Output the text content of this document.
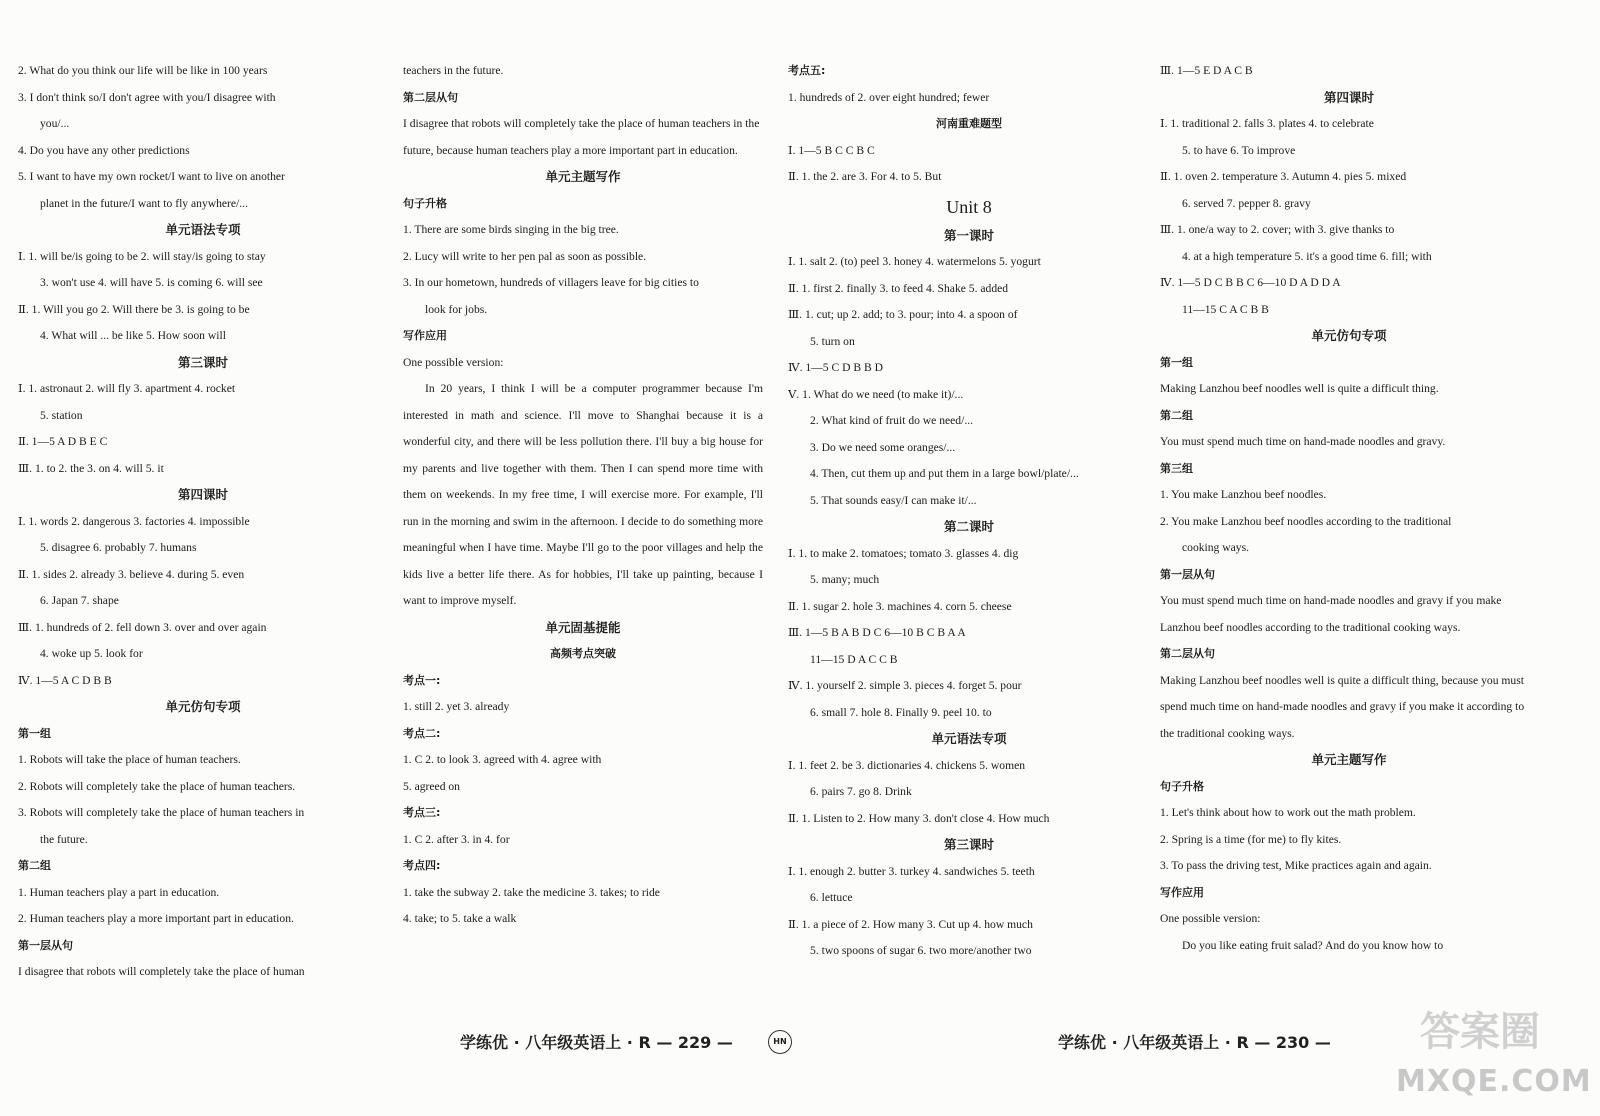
2. What do you think our life will be like in 100 years

3. I don't think so/I don't agree with you/I disagree with

you/...

4. Do you have any other predictions

5. I want to have my own rocket/I want to live on another

planet in the future/I want to fly anywhere/...

单元语法专项

Ⅰ. 1. will be/is going to be 2. will stay/is going to stay

3. won't use 4. will have 5. is coming 6. will see

Ⅱ. 1. Will you go 2. Will there be 3. is going to be

4. What will ... be like 5. How soon will

第三课时

Ⅰ. 1. astronaut 2. will fly 3. apartment 4. rocket

5. station

Ⅱ. 1—5 A D B E C

Ⅲ. 1. to 2. the 3. on 4. will 5. it

第四课时

Ⅰ. 1. words 2. dangerous 3. factories 4. impossible

5. disagree 6. probably 7. humans

Ⅱ. 1. sides 2. already 3. believe 4. during 5. even

6. Japan 7. shape

Ⅲ. 1. hundreds of 2. fell down 3. over and over again

4. woke up 5. look for

Ⅳ. 1—5 A C D B B

单元仿句专项

第一组

1. Robots will take the place of human teachers.

2. Robots will completely take the place of human teachers.

3. Robots will completely take the place of human teachers in

the future.

第二组

1. Human teachers play a part in education.

2. Human teachers play a more important part in education.

第一层从句

I disagree that robots will completely take the place of human

teachers in the future.

第二层从句

I disagree that robots will completely take the place of human teachers in the future, because human teachers play a more important part in education.

单元主题写作

句子升格

1. There are some birds singing in the big tree.

2. Lucy will write to her pen pal as soon as possible.

3. In our hometown, hundreds of villagers leave for big cities to

look for jobs.

写作应用

One possible version:

In 20 years, I think I will be a computer programmer because I'm interested in math and science. I'll move to Shanghai because it is a wonderful city, and there will be less pollution there. I'll buy a big house for my parents and live together with them. Then I can spend more time with them on weekends. In my free time, I will exercise more. For example, I'll run in the morning and swim in the afternoon. I decide to do something more meaningful when I have time. Maybe I'll go to the poor villages and help the kids live a better life there. As for hobbies, I'll take up painting, because I want to improve myself.

单元固基提能

高频考点突破

考点一:

1. still 2. yet 3. already

考点二:

1. C 2. to look 3. agreed with 4. agree with

5. agreed on

考点三:

1. C 2. after 3. in 4. for

考点四:

1. take the subway 2. take the medicine 3. takes; to ride

4. take; to 5. take a walk

考点五:

1. hundreds of 2. over eight hundred; fewer

河南重难题型

Ⅰ. 1—5 B C C B C

Ⅱ. 1. the 2. are 3. For 4. to 5. But

Unit 8

第一课时

Ⅰ. 1. salt 2. (to) peel 3. honey 4. watermelons 5. yogurt

Ⅱ. 1. first 2. finally 3. to feed 4. Shake 5. added

Ⅲ. 1. cut; up 2. add; to 3. pour; into 4. a spoon of

5. turn on

Ⅳ. 1—5 C D B B D

Ⅴ. 1. What do we need (to make it)/...

2. What kind of fruit do we need/...

3. Do we need some oranges/...

4. Then, cut them up and put them in a large bowl/plate/...

5. That sounds easy/I can make it/...

第二课时

Ⅰ. 1. to make 2. tomatoes; tomato 3. glasses 4. dig

5. many; much

Ⅱ. 1. sugar 2. hole 3. machines 4. corn 5. cheese

Ⅲ. 1—5 B A B D C 6—10 B C B A A

11—15 D A C C B

Ⅳ. 1. yourself 2. simple 3. pieces 4. forget 5. pour

6. small 7. hole 8. Finally 9. peel 10. to

单元语法专项

Ⅰ. 1. feet 2. be 3. dictionaries 4. chickens 5. women

6. pairs 7. go 8. Drink

Ⅱ. 1. Listen to 2. How many 3. don't close 4. How much

第三课时

Ⅰ. 1. enough 2. butter 3. turkey 4. sandwiches 5. teeth

6. lettuce

Ⅱ. 1. a piece of 2. How many 3. Cut up 4. how much

5. two spoons of sugar 6. two more/another two

Ⅲ. 1—5 E D A C B

第四课时

Ⅰ. 1. traditional 2. falls 3. plates 4. to celebrate

5. to have 6. To improve

Ⅱ. 1. oven 2. temperature 3. Autumn 4. pies 5. mixed

6. served 7. pepper 8. gravy

Ⅲ. 1. one/a way to 2. cover; with 3. give thanks to

4. at a high temperature 5. it's a good time 6. fill; with

Ⅳ. 1—5 D C B B C 6—10 D A D D A

11—15 C A C B B

单元仿句专项

第一组

Making Lanzhou beef noodles well is quite a difficult thing.

第二组

You must spend much time on hand-made noodles and gravy.

第三组

1. You make Lanzhou beef noodles.

2. You make Lanzhou beef noodles according to the traditional

cooking ways.

第一层从句

You must spend much time on hand-made noodles and gravy if you make Lanzhou beef noodles according to the traditional cooking ways.

第二层从句

Making Lanzhou beef noodles well is quite a difficult thing, because you must spend much time on hand-made noodles and gravy if you make it according to the traditional cooking ways.

单元主题写作

句子升格

1. Let's think about how to work out the math problem.

2. Spring is a time (for me) to fly kites.

3. To pass the driving test, Mike practices again and again.

写作应用

One possible version:

Do you like eating fruit salad? And do you know how to

学练优 · 八年级英语上 · R — 229 —	HN	学练优 · 八年级英语上 · R — 230 — 答案圈
MXQE.COM
